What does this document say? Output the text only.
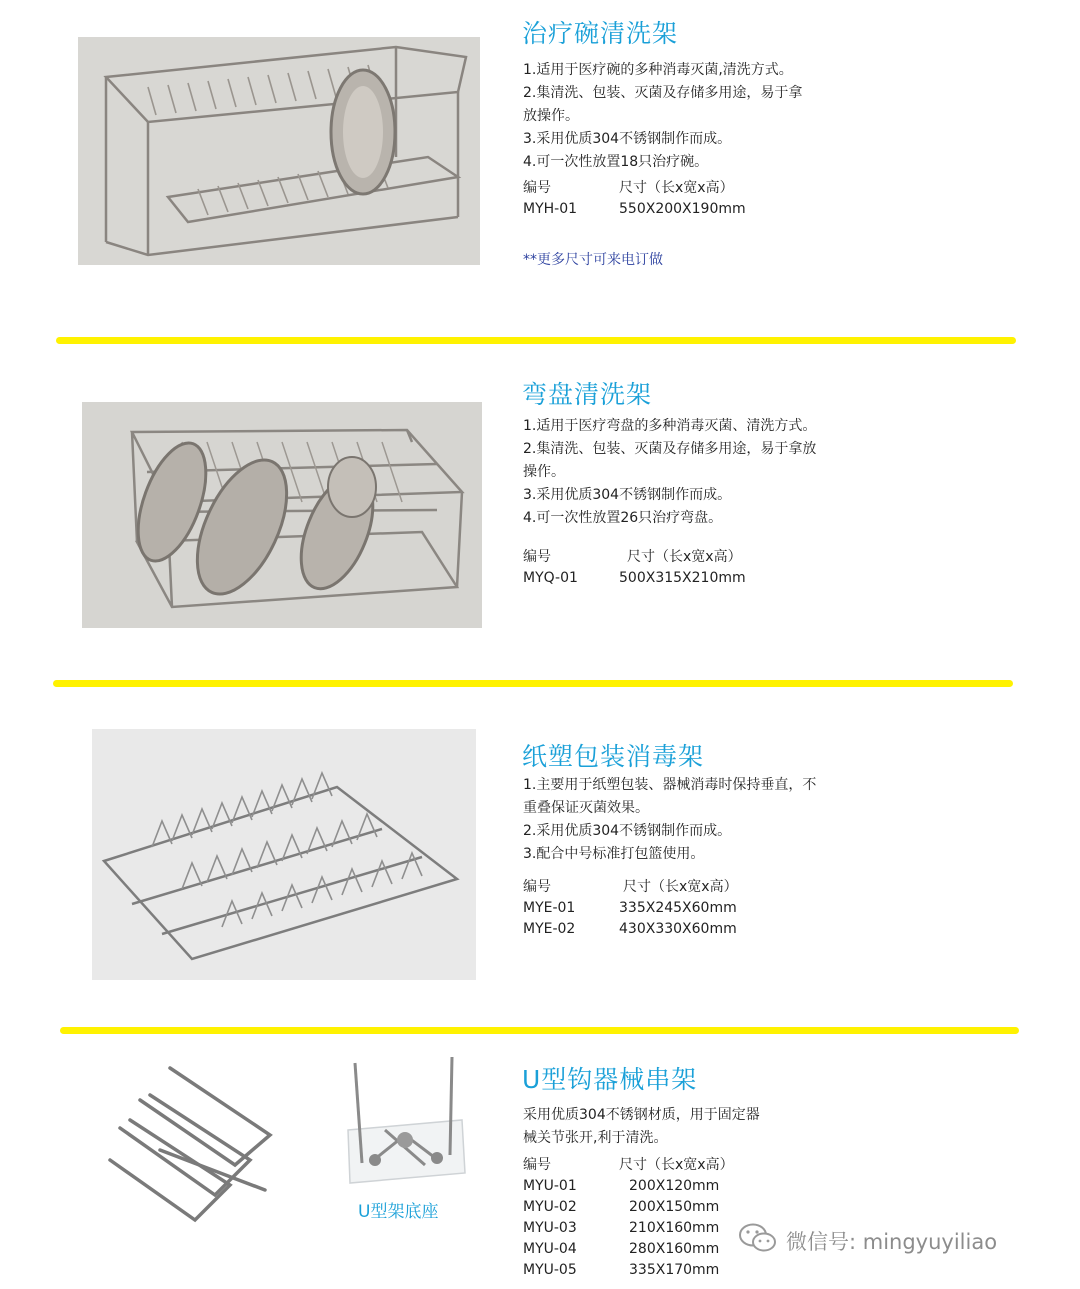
治疗碗清洗架
1.适用于医疗碗的多种消毒灭菌,清洗方式。
2.集清洗、包装、灭菌及存储多用途，易于拿
放操作。
3.采用优质304不锈钢制作而成。
4.可一次性放置18只治疗碗。
编号	尺寸（长x宽x高）
MYH-01	550X200X190mm
**更多尺寸可来电订做
弯盘清洗架
1.适用于医疗弯盘的多种消毒灭菌、清洗方式。
2.集清洗、包装、灭菌及存储多用途，易于拿放
操作。
3.采用优质304不锈钢制作而成。
4.可一次性放置26只治疗弯盘。
编号	尺寸（长x宽x高）
MYQ-01	500X315X210mm
纸塑包装消毒架
1.主要用于纸塑包装、器械消毒时保持垂直，不
重叠保证灭菌效果。
2.采用优质304不锈钢制作而成。
3.配合中号标准打包篮使用。
编号	尺寸（长x宽x高）
MYE-01	335X245X60mm
MYE-02	430X330X60mm
U型架底座
U型钩器械串架
采用优质304不锈钢材质，用于固定器
械关节张开,利于清洗。
编号	尺寸（长x宽x高）
MYU-01	200X120mm
MYU-02	200X150mm
MYU-03	210X160mm
MYU-04	280X160mm
MYU-05	335X170mm
微信号: mingyuyiliao
